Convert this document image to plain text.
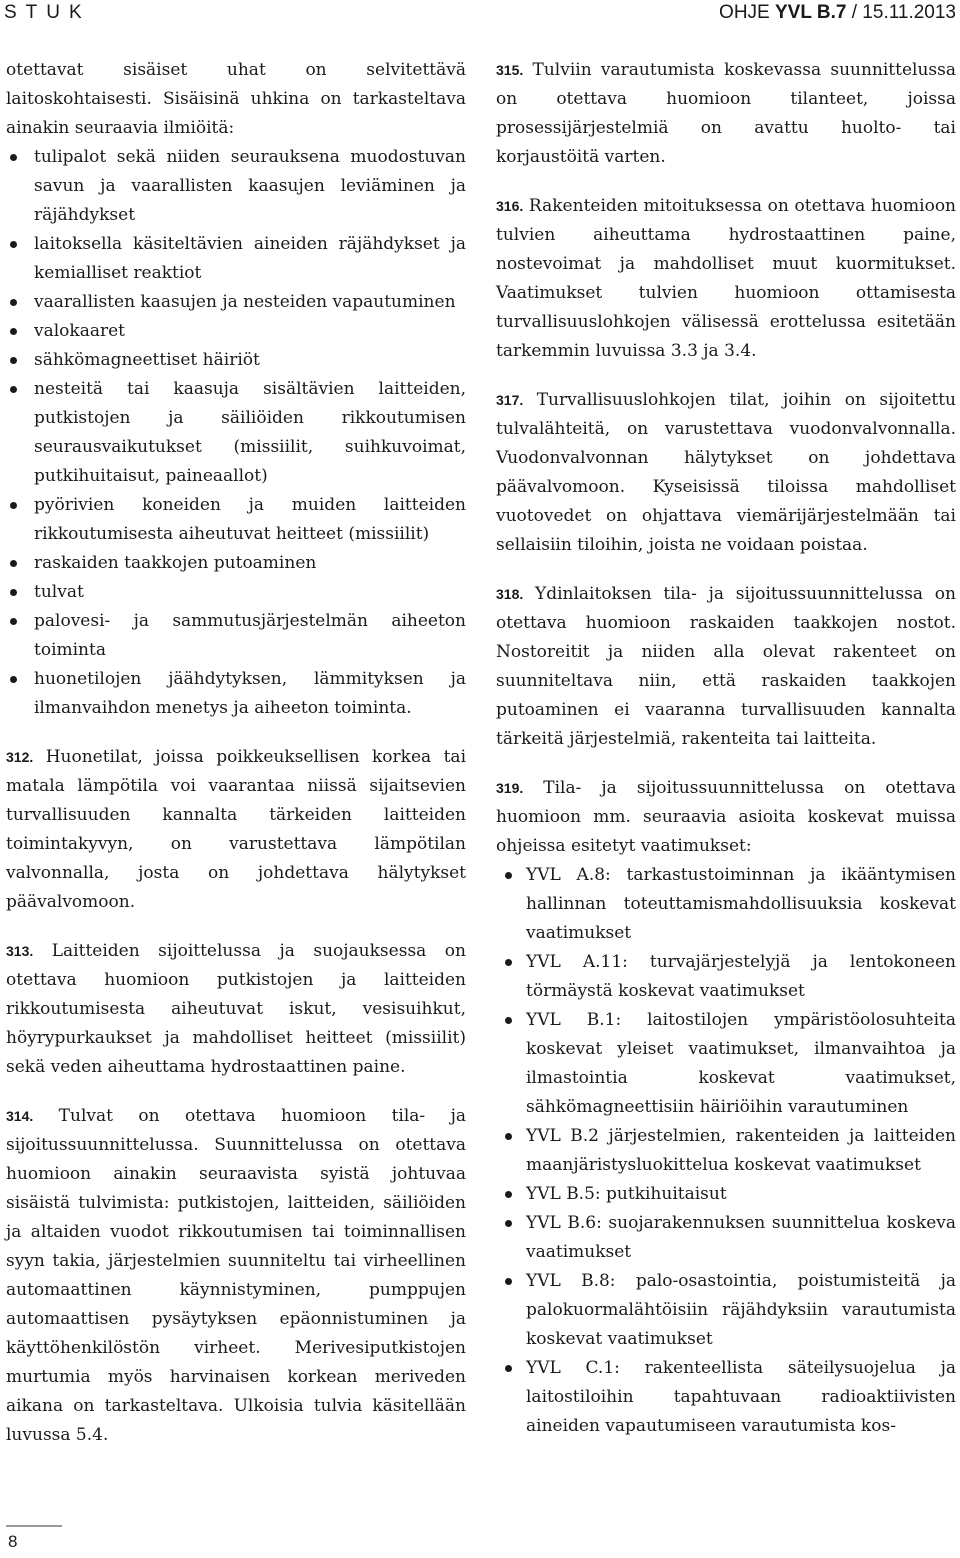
STUK	OHJE YVL B.7 / 15.11.2013

otettavat sisäiset uhat on selvitettävä laitoskohtaisesti. Sisäisinä uhkina on tarkasteltava ainakin seuraavia ilmiöitä:

tulipalot sekä niiden seurauksena muodostuvan savun ja vaarallisten kaasujen leviäminen ja räjähdykset
laitoksella käsiteltävien aineiden räjähdykset ja kemialliset reaktiot
vaarallisten kaasujen ja nesteiden vapautuminen
valokaaret
sähkömagneettiset häiriöt
nesteitä tai kaasuja sisältävien laitteiden, putkistojen ja säiliöiden rikkoutumisen seurausvaikutukset (missiilit, suihkuvoimat, putkihuitaisut, paineaallot)
pyörivien koneiden ja muiden laitteiden rikkoutumisesta aiheutuvat heitteet (missiilit)
raskaiden taakkojen putoaminen
tulvat
palovesi- ja sammutusjärjestelmän aiheeton toiminta
huonetilojen jäähdytyksen, lämmityksen ja ilmanvaihdon menetys ja aiheeton toiminta.

312. Huonetilat, joissa poikkeuksellisen korkea tai matala lämpötila voi vaarantaa niissä sijaitsevien turvallisuuden kannalta tärkeiden laitteiden toimintakyvyn, on varustettava lämpötilan valvonnalla, josta on johdettava hälytykset päävalvomoon.

313. Laitteiden sijoittelussa ja suojauksessa on otettava huomioon putkistojen ja laitteiden rikkoutumisesta aiheutuvat iskut, vesisuihkut, höyrypurkaukset ja mahdolliset heitteet (missiilit) sekä veden aiheuttama hydrostaattinen paine.

314. Tulvat on otettava huomioon tila- ja sijoitussuunnittelussa. Suunnittelussa on otettava huomioon ainakin seuraavista syistä johtuvaa sisäistä tulvimista: putkistojen, laitteiden, säiliöiden ja altaiden vuodot rikkoutumisen tai toiminnallisen syyn takia, järjestelmien suunniteltu tai virheellinen automaattinen käynnistyminen, pumppujen automaattisen pysäytyksen epäonnistuminen ja käyttöhenkilöstön virheet. Merivesiputkistojen murtumia myös harvinaisen korkean meriveden aikana on tarkasteltava. Ulkoisia tulvia käsitellään luvussa 5.4.

315. Tulviin varautumista koskevassa suunnittelussa on otettava huomioon tilanteet, joissa prosessijärjestelmiä on avattu huolto- tai korjaustöitä varten.

316. Rakenteiden mitoituksessa on otettava huomioon tulvien aiheuttama hydrostaattinen paine, nostevoimat ja mahdolliset muut kuormitukset. Vaatimukset tulvien huomioon ottamisesta turvallisuuslohkojen välisessä erottelussa esitetään tarkemmin luvuissa 3.3 ja 3.4.

317. Turvallisuuslohkojen tilat, joihin on sijoitettu tulvalähteitä, on varustettava vuodonvalvonnalla. Vuodonvalvonnan hälytykset on johdettava päävalvomoon. Kyseisissä tiloissa mahdolliset vuotovedet on ohjattava viemärijärjestelmään tai sellaisiin tiloihin, joista ne voidaan poistaa.

318. Ydinlaitoksen tila- ja sijoitussuunnittelussa on otettava huomioon raskaiden taakkojen nostot. Nostoreitit ja niiden alla olevat rakenteet on suunniteltava niin, että raskaiden taakkojen putoaminen ei vaaranna turvallisuuden kannalta tärkeitä järjestelmiä, rakenteita tai laitteita.

319. Tila- ja sijoitussuunnittelussa on otettava huomioon mm. seuraavia asioita koskevat muissa ohjeissa esitetyt vaatimukset:

YVL A.8: tarkastustoiminnan ja ikääntymisen hallinnan toteuttamismahdollisuuksia koskevat vaatimukset
YVL A.11: turvajärjestelyjä ja lentokoneen törmäystä koskevat vaatimukset
YVL B.1: laitostilojen ympäristöolosuhteita koskevat yleiset vaatimukset, ilmanvaihtoa ja ilmastointia koskevat vaatimukset, sähkömagneettisiin häiriöihin varautuminen
YVL B.2 järjestelmien, rakenteiden ja laitteiden maanjäristysluokittelua koskevat vaatimukset
YVL B.5: putkihuitaisut
YVL B.6: suojarakennuksen suunnittelua koskeva vaatimukset
YVL B.8: palo-osastointia, poistumisteitä ja palokuormalähtöisiin räjähdyksiin varautumista koskevat vaatimukset
YVL C.1: rakenteellista säteilysuojelua ja laitostiloihin tapahtuvaan radioaktiivisten aineiden vapautumiseen varautumista kos-
8
